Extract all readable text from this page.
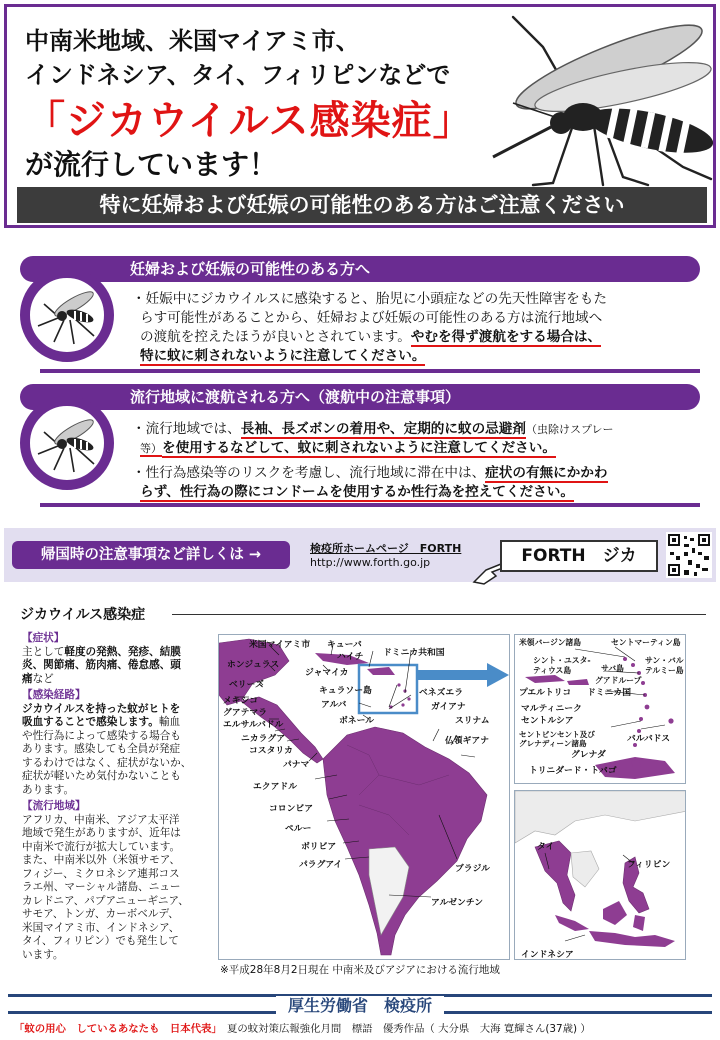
中南米地域、米国マイアミ市、
インドネシア、タイ、フィリピンなどで
「ジカウイルス感染症」
が流行しています！
特に妊婦および妊娠の可能性のある方はご注意ください
妊婦および妊娠の可能性のある方へ
・妊娠中にジカウイルスに感染すると、胎児に小頭症などの先天性障害をもた
らす可能性があることから、妊婦および妊娠の可能性のある方は流行地域へ
の渡航を控えたほうが良いとされています。やむを得ず渡航をする場合は、
特に蚊に刺されないように注意してください。
流行地域に渡航される方へ（渡航中の注意事項）
・流行地域では、長袖、長ズボンの着用や、定期的に蚊の忌避剤（虫除けスプレー
等）を使用するなどして、蚊に刺されないように注意してください。
・性行為感染等のリスクを考慮し、流行地域に滞在中は、症状の有無にかかわ
らず、性行為の際にコンドームを使用するか性行為を控えてください。
帰国時の注意事項など詳しくは →	検疫所ホームページ　FORTH
http://www.forth.go.jp	FORTH　ジカ
ジカウイルス感染症
【症状】
主として軽度の発熱、発疹、結膜
炎、関節痛、筋肉痛、倦怠感、頭
痛など
【感染経路】
ジカウイルスを持った蚊がヒトを
吸血することで感染します。輸血
や性行為によって感染する場合も
あります。感染しても全員が発症
するわけではなく、症状がないか、
症状が軽いため気付かないことも
あります。
【流行地域】
アフリカ、中南米、アジア太平洋
地域で発生がありますが、近年は
中南米で流行が拡大しています。
また、中南米以外（米領サモア、
フィジー、ミクロネシア連邦コス
ラエ州、マーシャル諸島、ニュー
カレドニア、パプアニューギニア、
サモア、トンガ、カーボベルデ、
米国マイアミ市、インドネシア、
タイ、フィリピン）でも発生して
います。
米国マイアミ市 キューバ
ハイチ ドミニカ共和国
ホンジュラス
ジャマイカ
ベリーズ
キュラソー島
メキシコ
グアテマラ
エルサルバドル
ニカラグア
コスタリカ
アルバ
ボネール
ベネズエラ
ガイアナ
スリナム
仏領ギアナ
パナマ
エクアドル
コロンビア
ペルー
ボリビア
パラグアイ	ブラジル
アルゼンチン
米領バージン諸島	セントマーティン島
サン・バル
テルミー島
シント・ユスタ-
ティウス島	サバ島
グアドループ
プエルトリコ ドミニカ国
マルティニーク
セントルシア
セントビンセント及び
グレナディーン諸島
グレナダ
バルバドス
トリニダード・トバゴ
タイ
フィリピン
インドネシア
※平成28年8月2日現在 中南米及びアジアにおける流行地域
厚生労働省　検疫所
「蚊の用心　しているあなたも　日本代表」　夏の蚊対策広報強化月間　標語　優秀作品（ 大分県　大海 寛輝さん(37歳) ）
